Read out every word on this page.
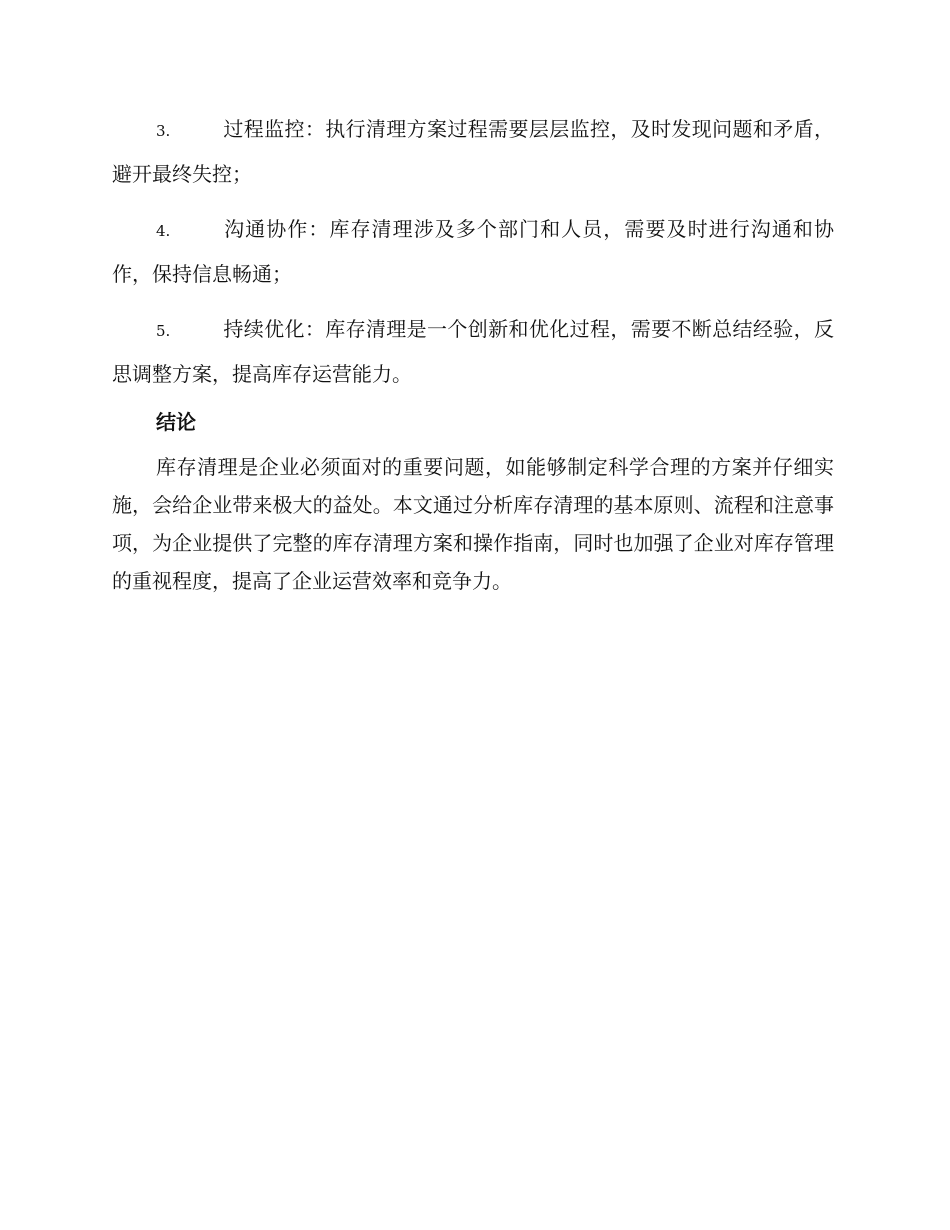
3.	过程监控：执行清理方案过程需要层层监控，及时发现问题和矛盾，避开最终失控；

4.	沟通协作：库存清理涉及多个部门和人员，需要及时进行沟通和协作，保持信息畅通；

5.	持续优化：库存清理是一个创新和优化过程，需要不断总结经验，反思调整方案，提高库存运营能力。

结论

库存清理是企业必须面对的重要问题，如能够制定科学合理的方案并仔细实施，会给企业带来极大的益处。本文通过分析库存清理的基本原则、流程和注意事项，为企业提供了完整的库存清理方案和操作指南，同时也加强了企业对库存管理的重视程度，提高了企业运营效率和竞争力。
